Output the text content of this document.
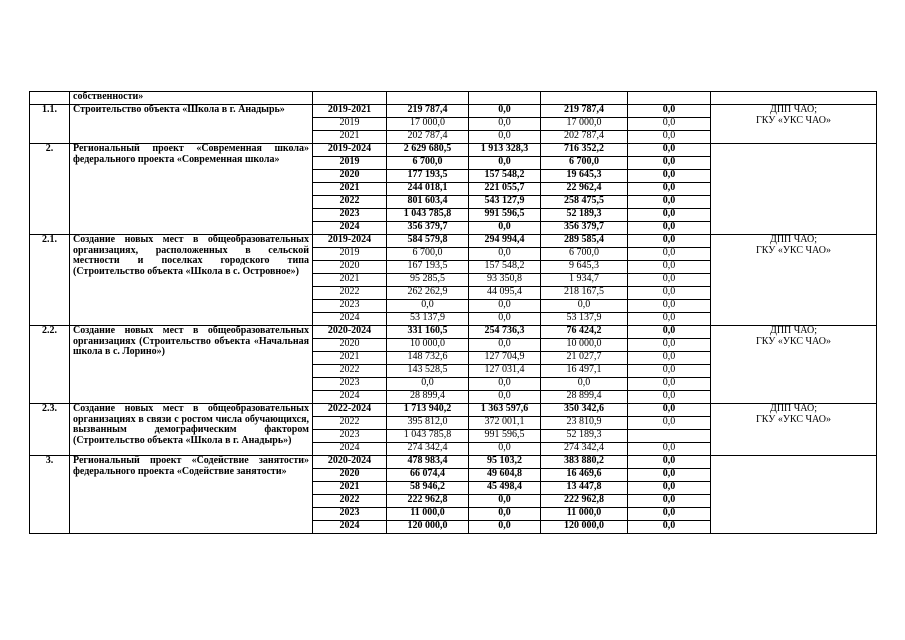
	собственности»						
1.1.	Строительство объекта «Школа в г. Анадырь»	2019-2021	219 787,4	0,0	219 787,4	0,0	ДПП ЧАО;
ГКУ «УКС ЧАО»

		2019	17 000,0	0,0	17 000,0	0,0	
		2021	202 787,4	0,0	202 787,4	0,0	
2.	Региональный проект «Современная школа» федерального проекта «Современная школа»	2019-2024	2 629 680,5	1 913 328,3	716 352,2	0,0	
		2019	6 700,0	0,0	6 700,0	0,0	
		2020	177 193,5	157 548,2	19 645,3	0,0	
		2021	244 018,1	221 055,7	22 962,4	0,0	
		2022	801 603,4	543 127,9	258 475,5	0,0	
		2023	1 043 785,8	991 596,5	52 189,3	0,0	
		2024	356 379,7	0,0	356 379,7	0,0	
2.1.	Создание новых мест в общеобразовательных организациях, расположенных в сельской местности и поселках городского типа (Строительство объекта «Школа в с. Островное»)	2019-2024	584 579,8	294 994,4	289 585,4	0,0	ДПП ЧАО;
ГКУ «УКС ЧАО»

		2019	6 700,0	0,0	6 700,0	0,0	
		2020	167 193,5	157 548,2	9 645,3	0,0	
		2021	95 285,5	93 350,8	1 934,7	0,0	
		2022	262 262,9	44 095,4	218 167,5	0,0	
		2023	0,0	0,0	0,0	0,0	
		2024	53 137,9	0,0	53 137,9	0,0	
2.2.	Создание новых мест в общеобразовательных организациях (Строительство объекта «Начальная школа в с. Лорино»)	2020-2024	331 160,5	254 736,3	76 424,2	0,0	ДПП ЧАО;
ГКУ «УКС ЧАО»

		2020	10 000,0	0,0	10 000,0	0,0	
		2021	148 732,6	127 704,9	21 027,7	0,0	
		2022	143 528,5	127 031,4	16 497,1	0,0	
		2023	0,0	0,0	0,0	0,0	
		2024	28 899,4	0,0	28 899,4	0,0	
2.3.	Создание новых мест в общеобразовательных организациях в связи с ростом числа обучающихся, вызванным демографическим фактором (Строительство объекта «Школа в г. Анадырь»)	2022-2024	1 713 940,2	1 363 597,6	350 342,6	0,0	ДПП ЧАО;
ГКУ «УКС ЧАО»

		2022	395 812,0	372 001,1	23 810,9	0,0	
		2023	1 043 785,8	991 596,5	52 189,3		
		2024	274 342,4	0,0	274 342,4	0,0	
3.	Региональный проект «Содействие занятости» федерального проекта «Содействие занятости»	2020-2024	478 983,4	95 103,2	383 880,2	0,0	
		2020	66 074,4	49 604,8	16 469,6	0,0	
		2021	58 946,2	45 498,4	13 447,8	0,0	
		2022	222 962,8	0,0	222 962,8	0,0	
		2023	11 000,0	0,0	11 000,0	0,0	
		2024	120 000,0	0,0	120 000,0	0,0	
